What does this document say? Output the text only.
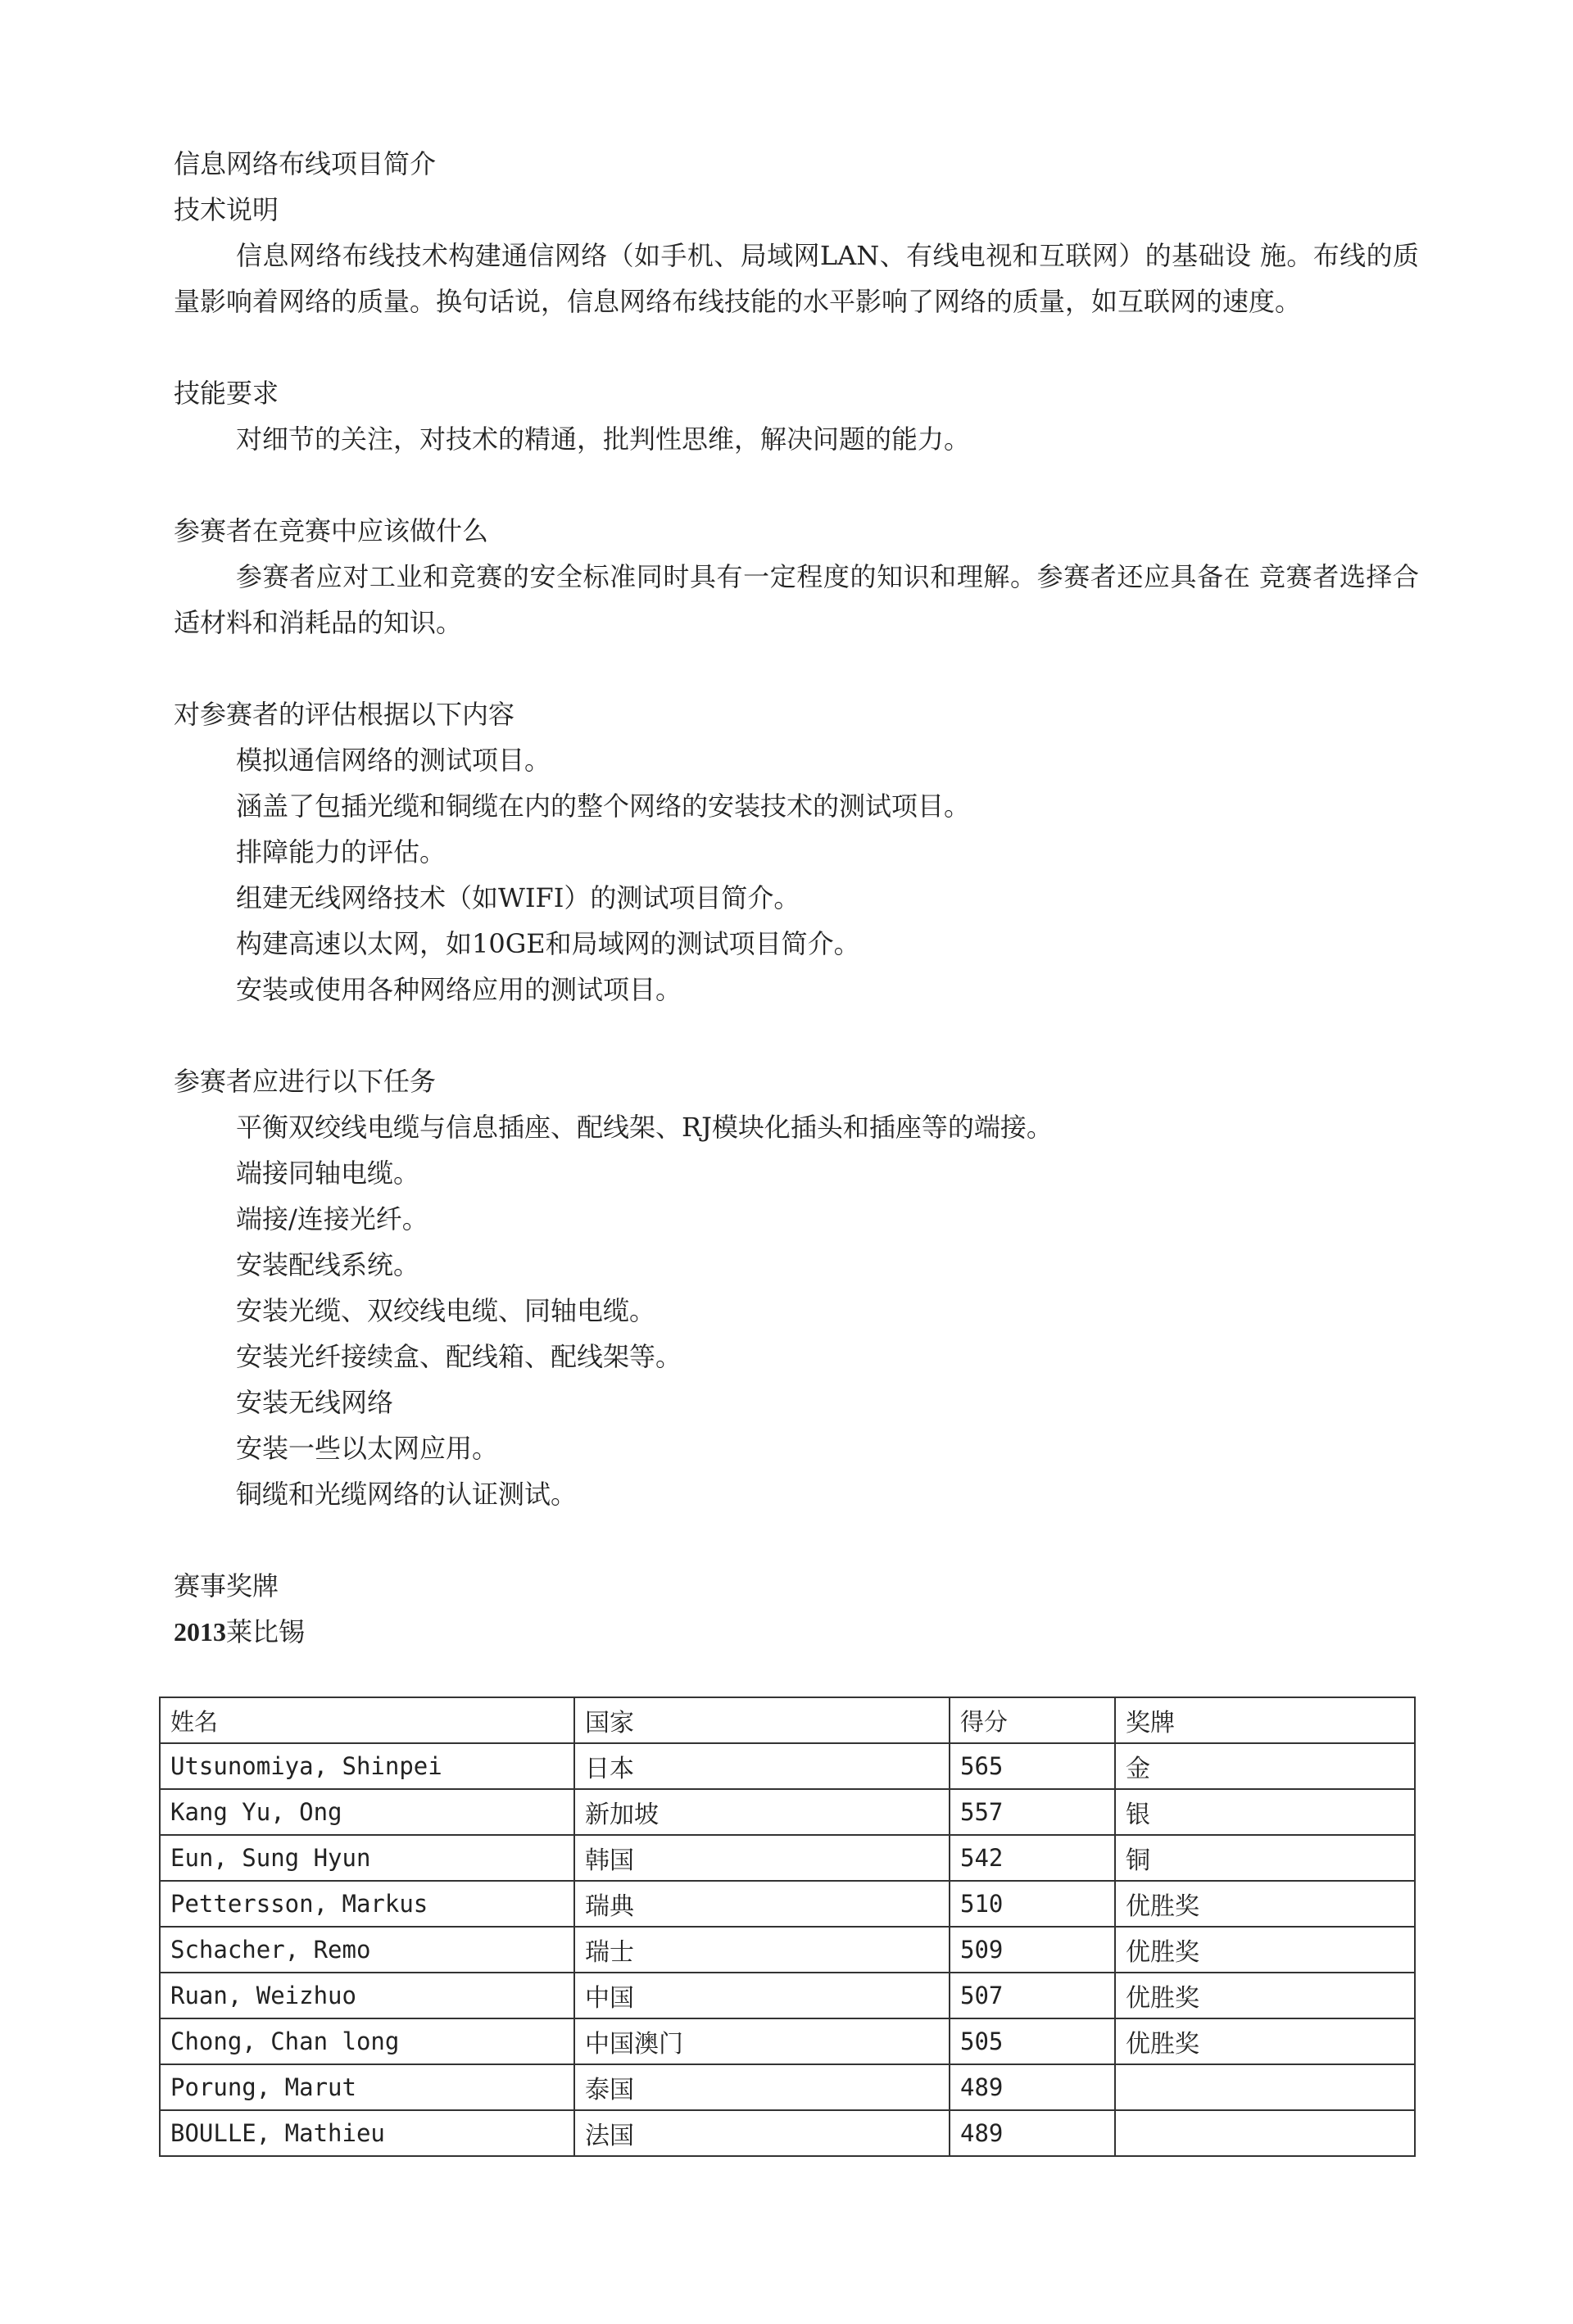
信息网络布线项目简介
技术说明
信息网络布线技术构建通信网络（如手机、局域网LAN、有线电视和互联网）的基础设 施。布线的质量影响着网络的质量。换句话说，信息网络布线技能的水平影响了网络的质量，如互联网的速度。
技能要求
对细节的关注，对技术的精通，批判性思维，解决问题的能力。
参赛者在竞赛中应该做什么
参赛者应对工业和竞赛的安全标准同时具有一定程度的知识和理解。参赛者还应具备在 竞赛者选择合适材料和消耗品的知识。
对参赛者的评估根据以下内容
模拟通信网络的测试项目。
涵盖了包插光缆和铜缆在内的整个网络的安装技术的测试项目。
排障能力的评估。
组建无线网络技术（如WIFI）的测试项目简介。
构建高速以太网，如10GE和局域网的测试项目简介。
安装或使用各种网络应用的测试项目。
参赛者应进行以下任务
平衡双绞线电缆与信息插座、配线架、RJ模块化插头和插座等的端接。
端接同轴电缆。
端接/连接光纤。
安装配线系统。
安装光缆、双绞线电缆、同轴电缆。
安装光纤接续盒、配线箱、配线架等。
安装无线网络
安装一些以太网应用。
铜缆和光缆网络的认证测试。
赛事奖牌
2013莱比锡
姓名	国家	得分	奖牌
Utsunomiya, Shinpei	日本	565	金
Kang Yu, Ong	新加坡	557	银
Eun, Sung Hyun	韩国	542	铜
Pettersson, Markus	瑞典	510	优胜奖
Schacher, Remo	瑞士	509	优胜奖
Ruan, Weizhuo	中国	507	优胜奖
Chong, Chan long	中国澳门	505	优胜奖
Porung, Marut	泰国	489	
BOULLE, Mathieu	法国	489	
